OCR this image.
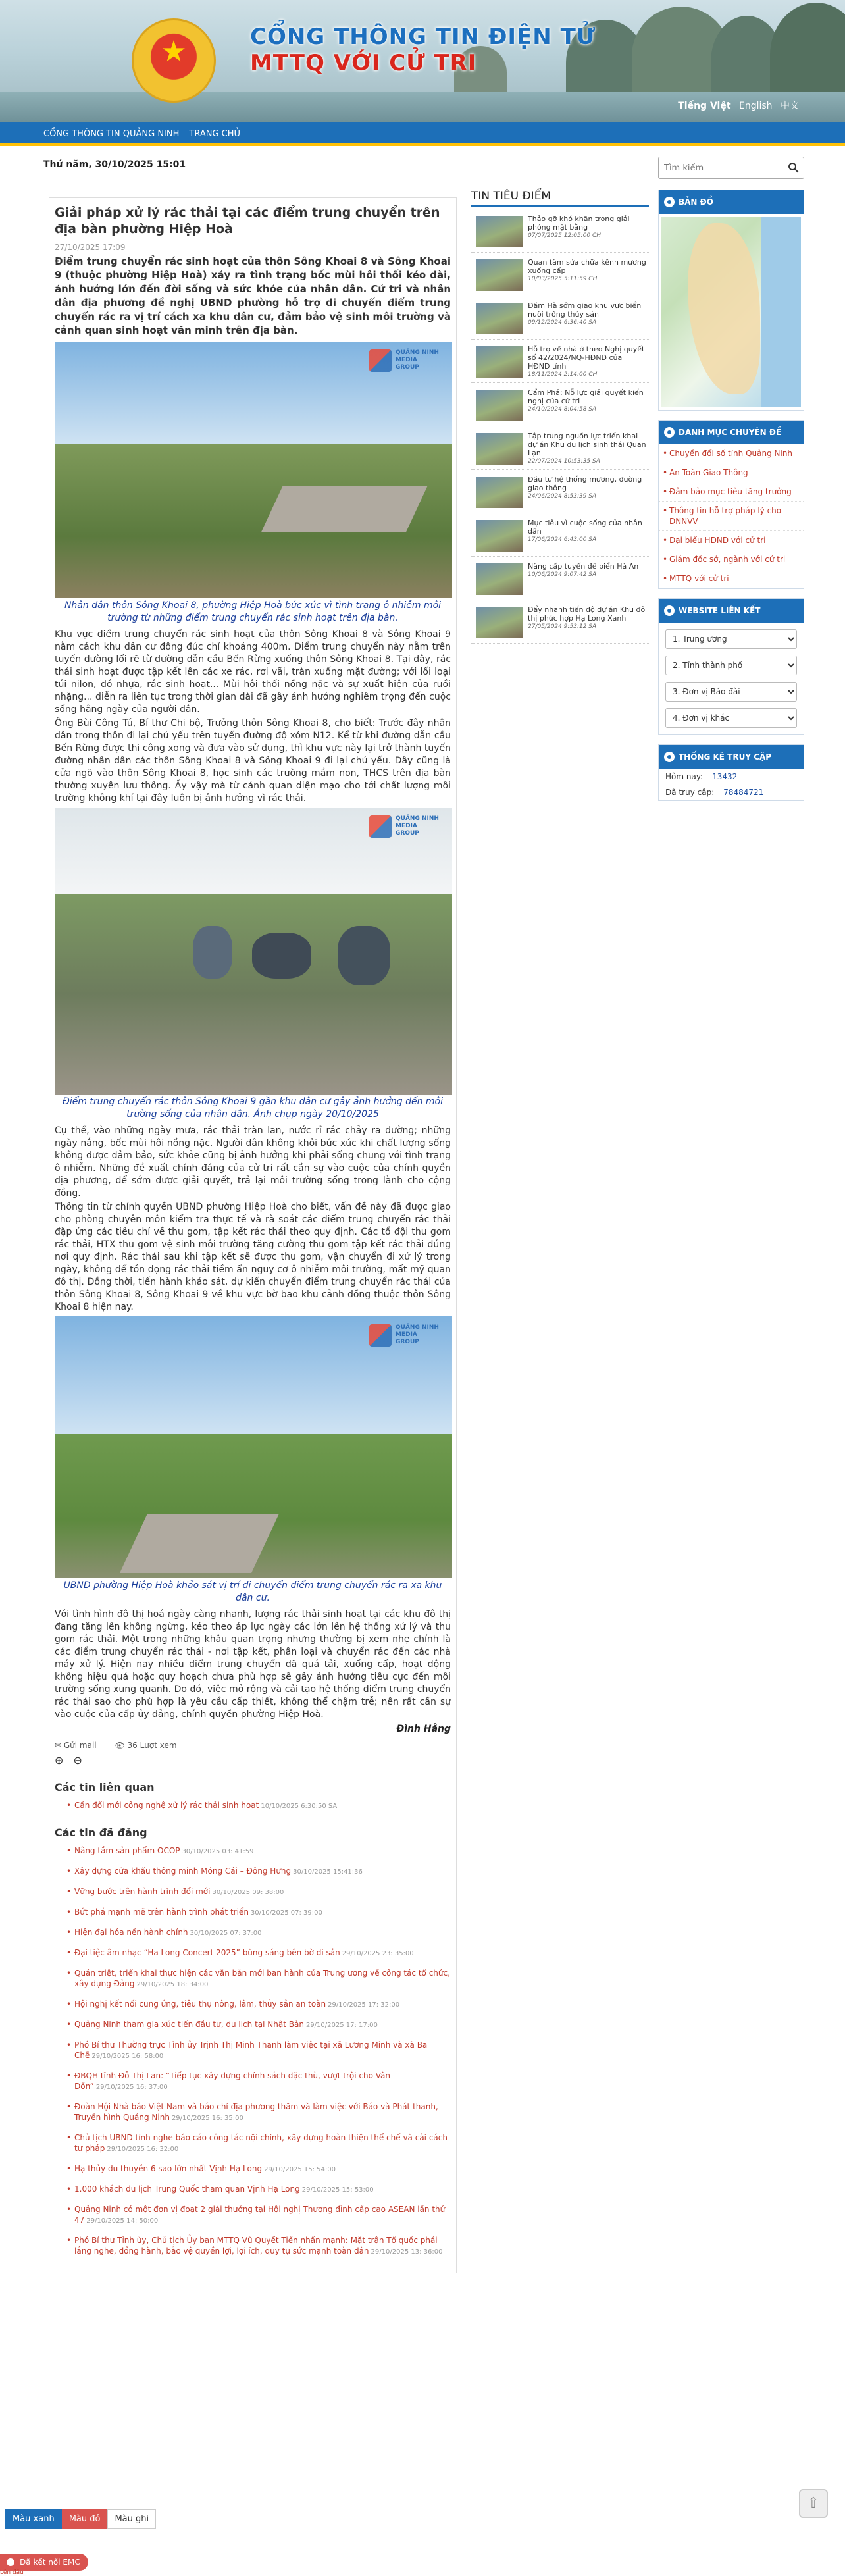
★	CỔNG THÔNG TIN ĐIỆN TỬ
MTTQ VỚI CỬ TRI
Tiếng Việt English 中文
CỔNG THÔNG TIN QUẢNG NINH	TRANG CHỦ
Thứ năm, 30/10/2025 15:01
Tìm kiếm
Giải pháp xử lý rác thải tại các điểm trung chuyển trên địa bàn phường Hiệp Hoà
27/10/2025 17:09
Điểm trung chuyển rác sinh hoạt của thôn Sông Khoai 8 và Sông Khoai 9 (thuộc phường Hiệp Hoà) xảy ra tình trạng bốc mùi hôi thối kéo dài, ảnh hưởng lớn đến đời sống và sức khỏe của nhân dân. Cử tri và nhân dân địa phương đề nghị UBND phường hỗ trợ di chuyển điểm trung chuyển rác ra vị trí cách xa khu dân cư, đảm bảo vệ sinh môi trường và cảnh quan sinh hoạt văn minh trên địa bàn.
QUẢNG NINH MEDIA GROUP
Nhân dân thôn Sông Khoai 8, phường Hiệp Hoà bức xúc vì tình trạng ô nhiễm môi trường từ những điểm trung chuyển rác sinh hoạt trên địa bàn.
Khu vực điểm trung chuyển rác sinh hoạt của thôn Sông Khoai 8 và Sông Khoai 9 nằm cách khu dân cư đông đúc chỉ khoảng 400m. Điểm trung chuyển này nằm trên tuyến đường lối rẽ từ đường dẫn cầu Bến Rừng xuống thôn Sông Khoai 8. Tại đây, rác thải sinh hoạt được tập kết lên các xe rác, rơi vãi, tràn xuống mặt đường; với lối loại túi nilon, đồ nhựa, rác sinh hoạt... Mùi hôi thối nồng nặc và sự xuất hiện của ruồi nhặng... diễn ra liên tục trong thời gian dài đã gây ảnh hưởng nghiêm trọng đến cuộc sống hằng ngày của người dân.
Ông Bùi Công Tú, Bí thư Chi bộ, Trưởng thôn Sông Khoai 8, cho biết: Trước đây nhân dân trong thôn đi lại chủ yếu trên tuyến đường độ xóm N12. Kể từ khi đường dẫn cầu Bến Rừng được thi công xong và đưa vào sử dụng, thì khu vực này lại trở thành tuyến đường nhân dân các thôn Sông Khoai 8 và Sông Khoai 9 đi lại chủ yếu. Đây cũng là cửa ngõ vào thôn Sông Khoai 8, học sinh các trường mầm non, THCS trên địa bàn thường xuyên lưu thông. Ấy vậy mà từ cảnh quan diện mạo cho tới chất lượng môi trường không khí tại đây luôn bị ảnh hưởng vì rác thải.
QUẢNG NINH MEDIA GROUP
Điểm trung chuyển rác thôn Sông Khoai 9 gần khu dân cư gây ảnh hưởng đến môi trường sống của nhân dân. Ảnh chụp ngày 20/10/2025
Cụ thể, vào những ngày mưa, rác thải tràn lan, nước rỉ rác chảy ra đường; những ngày nắng, bốc mùi hôi nồng nặc. Người dân không khỏi bức xúc khi chất lượng sống không được đảm bảo, sức khỏe cũng bị ảnh hưởng khi phải sống chung với tình trạng ô nhiễm. Những đề xuất chính đáng của cử tri rất cần sự vào cuộc của chính quyền địa phương, để sớm được giải quyết, trả lại môi trường sống trong lành cho cộng đồng.
Thông tin từ chính quyền UBND phường Hiệp Hoà cho biết, vấn đề này đã được giao cho phòng chuyên môn kiểm tra thực tế và rà soát các điểm trung chuyển rác thải đặp ứng các tiêu chí về thu gom, tập kết rác thải theo quy định. Các tổ đội thu gom rác thải, HTX thu gom vệ sinh môi trường tăng cường thu gom tập kết rác thải đúng nơi quy định. Rác thải sau khi tập kết sẽ được thu gom, vận chuyển đi xử lý trong ngày, không để tồn đọng rác thải tiềm ẩn nguy cơ ô nhiễm môi trường, mất mỹ quan đô thị. Đồng thời, tiến hành khảo sát, dự kiến chuyển điểm trung chuyển rác thải của thôn Sông Khoai 8, Sông Khoai 9 về khu vực bờ bao khu cảnh đồng thuộc thôn Sông Khoai 8 hiện nay.
QUẢNG NINH MEDIA GROUP
UBND phường Hiệp Hoà khảo sát vị trí di chuyển điểm trung chuyển rác ra xa khu dân cư.
Với tình hình đô thị hoá ngày càng nhanh, lượng rác thải sinh hoạt tại các khu đô thị đang tăng lên không ngừng, kéo theo áp lực ngày các lớn lên hệ thống xử lý và thu gom rác thải. Một trong những khâu quan trọng nhưng thường bị xem nhẹ chính là các điểm trung chuyển rác thải - nơi tập kết, phân loại và chuyển rác đến các nhà máy xử lý. Hiện nay nhiều điểm trung chuyển đã quá tải, xuống cấp, hoạt động không hiệu quả hoặc quy hoạch chưa phù hợp sẽ gây ảnh hưởng tiêu cực đến môi trường sống xung quanh. Do đó, việc mở rộng và cải tạo hệ thống điểm trung chuyển rác thải sao cho phù hợp là yêu cầu cấp thiết, không thể chậm trễ; nên rất cần sự vào cuộc của cấp ủy đảng, chính quyền phường Hiệp Hoà.
Đình Hằng
✉ Gửi mail 👁 36 Lượt xem
⊕ ⊖
Các tin liên quan
• Cần đổi mới công nghệ xử lý rác thải sinh hoạt 10/10/2025 6:30:50 SA
Các tin đã đăng
• Nâng tầm sản phẩm OCOP 30/10/2025 03: 41:59
• Xây dựng cửa khẩu thông minh Móng Cái – Đông Hưng 30/10/2025 15:41:36
• Vững bước trên hành trình đổi mới 30/10/2025 09: 38:00
• Bứt phá mạnh mẽ trên hành trình phát triển 30/10/2025 07: 39:00
• Hiện đại hóa nền hành chính 30/10/2025 07: 37:00
• Đại tiệc âm nhạc “Ha Long Concert 2025” bùng sáng bên bờ di sản 29/10/2025 23: 35:00
• Quán triệt, triển khai thực hiện các văn bản mới ban hành của Trung ương về công tác tổ chức, xây dựng Đảng 29/10/2025 18: 34:00
• Hội nghị kết nối cung ứng, tiêu thụ nông, lâm, thủy sản an toàn 29/10/2025 17: 32:00
• Quảng Ninh tham gia xúc tiến đầu tư, du lịch tại Nhật Bản 29/10/2025 17: 17:00
• Phó Bí thư Thường trực Tỉnh ủy Trịnh Thị Minh Thanh làm việc tại xã Lương Minh và xã Ba Chẽ 29/10/2025 16: 58:00
• ĐBQH tỉnh Đỗ Thị Lan: “Tiếp tục xây dựng chính sách đặc thù, vượt trội cho Vân Đồn” 29/10/2025 16: 37:00
• Đoàn Hội Nhà báo Việt Nam và báo chí địa phương thăm và làm việc với Báo và Phát thanh, Truyền hình Quảng Ninh 29/10/2025 16: 35:00
• Chủ tịch UBND tỉnh nghe báo cáo công tác nội chính, xây dựng hoàn thiện thể chế và cải cách tư pháp 29/10/2025 16: 32:00
• Hạ thủy du thuyền 6 sao lớn nhất Vịnh Hạ Long 29/10/2025 15: 54:00
• 1.000 khách du lịch Trung Quốc tham quan Vịnh Hạ Long 29/10/2025 15: 53:00
• Quảng Ninh có một đơn vị đoạt 2 giải thưởng tại Hội nghị Thượng đỉnh cấp cao ASEAN lần thứ 47 29/10/2025 14: 50:00
• Phó Bí thư Tỉnh ủy, Chủ tịch Ủy ban MTTQ Vũ Quyết Tiến nhấn mạnh: Mặt trận Tổ quốc phải lắng nghe, đồng hành, bảo vệ quyền lợi, lợi ích, quy tụ sức mạnh toàn dân 29/10/2025 13: 36:00
TIN TIÊU ĐIỂM
Thảo gỡ khó khăn trong giải phóng mặt bằng
07/07/2025 12:05:00 CH
Quan tâm sửa chữa kênh mương xuống cấp
10/03/2025 5:11:59 CH
Đầm Hà sớm giao khu vực biển nuôi trồng thủy sản
09/12/2024 6:36:40 SA
Hỗ trợ về nhà ở theo Nghị quyết số 42/2024/NQ-HĐND của HĐND tỉnh
18/11/2024 2:14:00 CH
Cẩm Phả: Nỗ lực giải quyết kiến nghị của cử tri
24/10/2024 8:04:58 SA
Tập trung nguồn lực triển khai dự án Khu du lịch sinh thái Quan Lạn
22/07/2024 10:53:35 SA
Đầu tư hệ thống mương, đường giao thông
24/06/2024 8:53:39 SA
Mục tiêu vì cuộc sống của nhân dân
17/06/2024 6:43:00 SA
Nâng cấp tuyến đê biển Hà An
10/06/2024 9:07:42 SA
Đẩy nhanh tiến độ dự án Khu đô thị phức hợp Hạ Long Xanh
27/05/2024 9:53:12 SA
BẢN ĐỒ
DANH MỤC CHUYÊN ĐỀ
• Chuyển đổi số tỉnh Quảng Ninh
• An Toàn Giao Thông
• Đảm bảo mục tiêu tăng trưởng
• Thông tin hỗ trợ pháp lý cho DNNVV
• Đại biểu HĐND với cử tri
• Giám đốc sở, ngành với cử tri
• MTTQ với cử tri
WEBSITE LIÊN KẾT
1. Trung ương
2. Tỉnh thành phố
3. Đơn vị Báo đài
4. Đơn vị khác
THỐNG KÊ TRUY CẬP
Hôm nay: 13432
Đã truy cập: 78484721
Màu xanh Màu đỏ Màu ghi
⇧
Đã kết nối EMC
Lên đầu
